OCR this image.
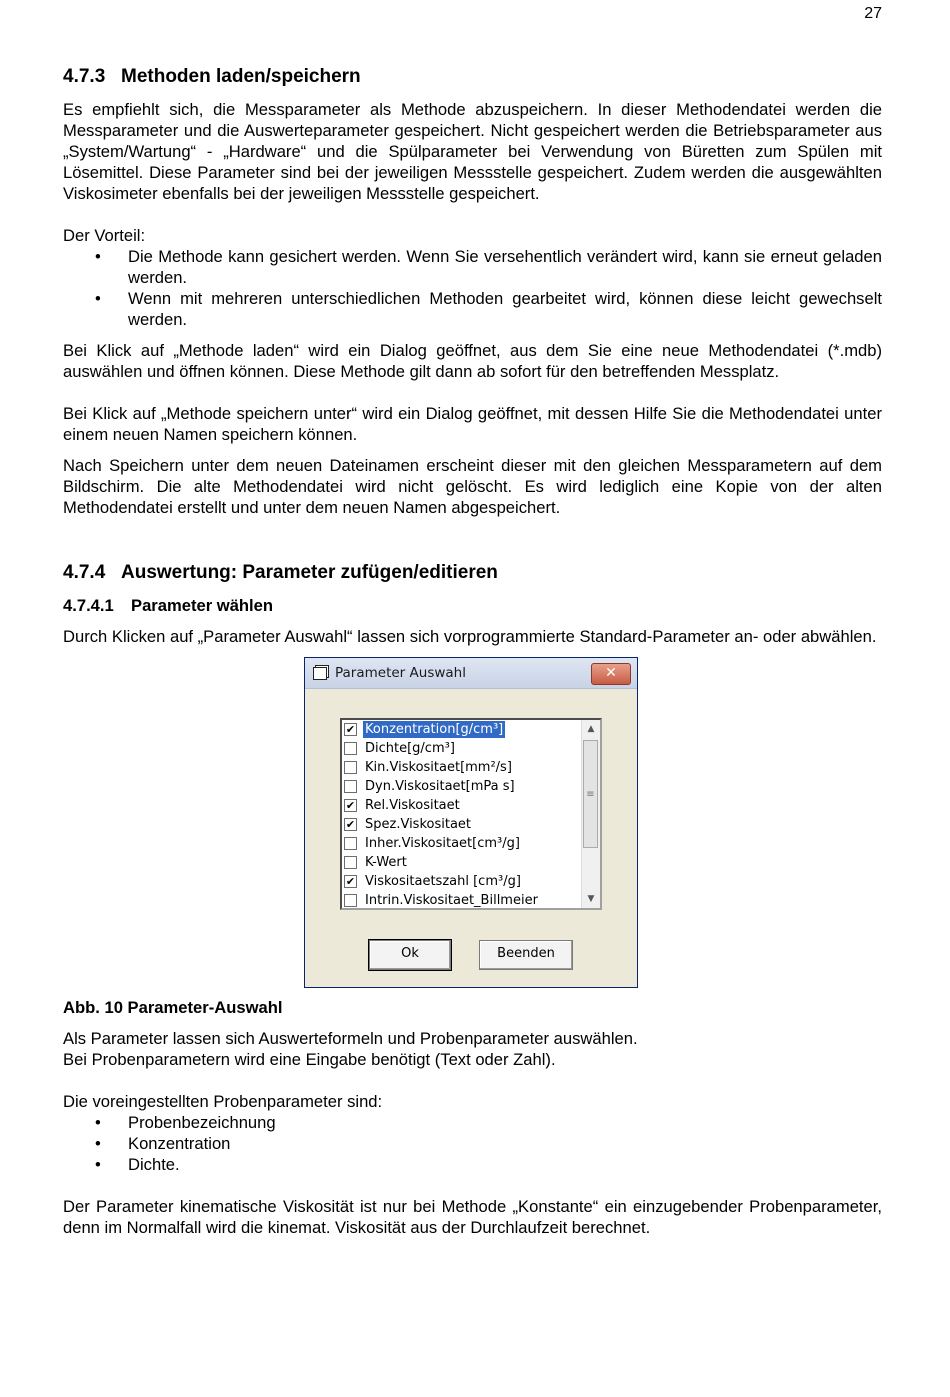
27
4.7.3 Methoden laden/speichern

Es empfiehlt sich, die Messparameter als Methode abzuspeichern. In dieser Methodendatei werden die Messparameter und die Auswerteparameter gespeichert. Nicht gespeichert werden die Betriebsparameter aus „System/Wartung“ - „Hardware“ und die Spülparameter bei Verwendung von Büretten zum Spülen mit Lösemittel. Diese Parameter sind bei der jeweiligen Messstelle gespeichert. Zudem werden die ausgewählten Viskosimeter ebenfalls bei der jeweiligen Messstelle gespeichert.

Der Vorteil:

• Die Methode kann gesichert werden. Wenn Sie versehentlich verändert wird, kann sie erneut geladen werden.
• Wenn mit mehreren unterschiedlichen Methoden gearbeitet wird, können diese leicht gewechselt werden.

Bei Klick auf „Methode laden“ wird ein Dialog geöffnet, aus dem Sie eine neue Methodendatei (*.mdb) auswählen und öffnen können. Diese Methode gilt dann ab sofort für den betreffenden Messplatz.

Bei Klick auf „Methode speichern unter“ wird ein Dialog geöffnet, mit dessen Hilfe Sie die Methodendatei unter einem neuen Namen speichern können.

Nach Speichern unter dem neuen Dateinamen erscheint dieser mit den gleichen Messparametern auf dem Bildschirm. Die alte Methodendatei wird nicht gelöscht. Es wird lediglich eine Kopie von der alten Methodendatei erstellt und unter dem neuen Namen abgespeichert.

4.7.4 Auswertung: Parameter zufügen/editieren
4.7.4.1 Parameter wählen

Durch Klicken auf „Parameter Auswahl“ lassen sich vorprogrammierte Standard-Parameter an- oder abwählen.

Parameter Auswahl	✕
✔ Konzentration[g/cm³]
Dichte[g/cm³]
Kin.Viskositaet[mm²/s]
Dyn.Viskositaet[mPa s]
✔ Rel.Viskositaet
✔ Spez.Viskositaet
Inher.Viskositaet[cm³/g]
K-Wert
✔ Viskositaetszahl [cm³/g]
Intrin.Viskositaet_Billmeier
▲
≡
▼
Ok	Beenden

Abb. 10 Parameter-Auswahl

Als Parameter lassen sich Auswerteformeln und Probenparameter auswählen.

Bei Probenparametern wird eine Eingabe benötigt (Text oder Zahl).

Die voreingestellten Probenparameter sind:

• Probenbezeichnung
• Konzentration
• Dichte.

Der Parameter kinematische Viskosität ist nur bei Methode „Konstante“ ein einzugebender Probenparameter, denn im Normalfall wird die kinemat. Viskosität aus der Durchlaufzeit berechnet.
